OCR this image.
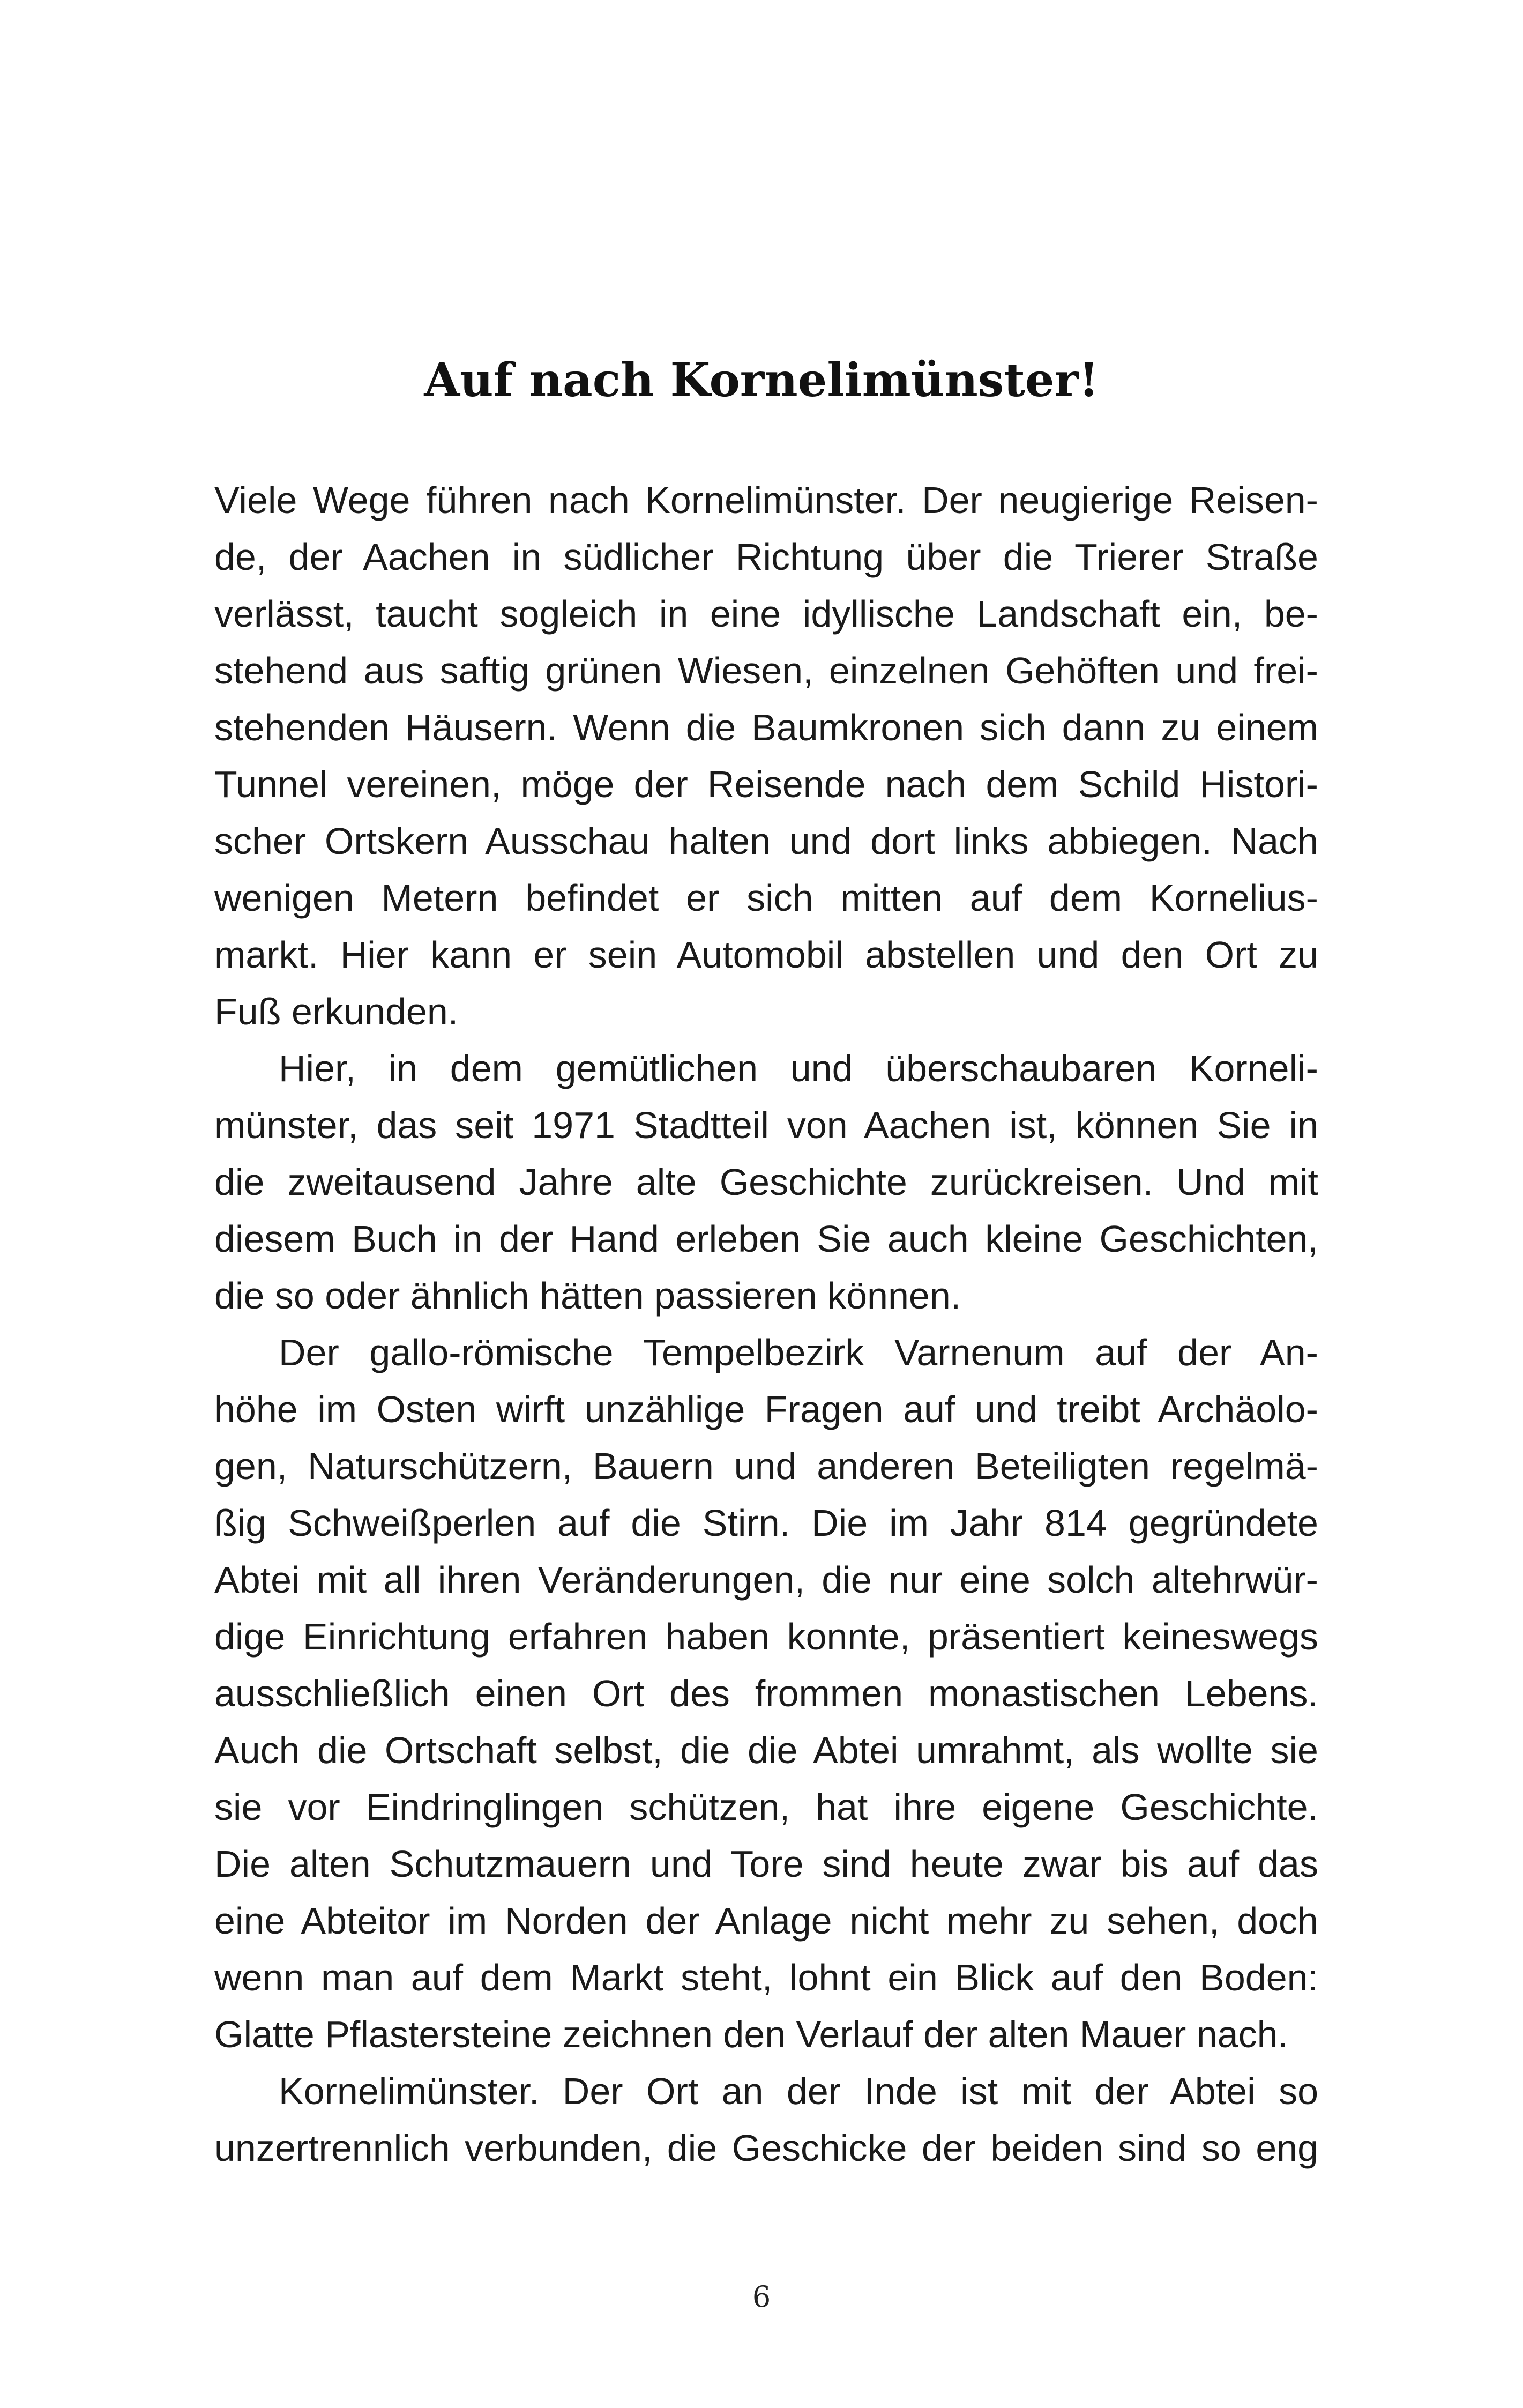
Auf nach Kornelimünster!

Viele Wege führen nach Kornelimünster. Der neugierige Reisen-
de, der Aachen in südlicher Richtung über die Trierer Straße
verlässt, taucht sogleich in eine idyllische Landschaft ein, be-
stehend aus saftig grünen Wiesen, einzelnen Gehöften und frei-
stehenden Häusern. Wenn die Baumkronen sich dann zu einem
Tunnel vereinen, möge der Reisende nach dem Schild Histori-
scher Ortskern Ausschau halten und dort links abbiegen. Nach
wenigen Metern befindet er sich mitten auf dem Kornelius-
markt. Hier kann er sein Automobil abstellen und den Ort zu
Fuß erkunden.

Hier, in dem gemütlichen und überschaubaren Korneli-
münster, das seit 1971 Stadtteil von Aachen ist, können Sie in
die zweitausend Jahre alte Geschichte zurückreisen. Und mit
diesem Buch in der Hand erleben Sie auch kleine Geschichten,
die so oder ähnlich hätten passieren können.

Der gallo-römische Tempelbezirk Varnenum auf der An-
höhe im Osten wirft unzählige Fragen auf und treibt Archäolo-
gen, Naturschützern, Bauern und anderen Beteiligten regelmä-
ßig Schweißperlen auf die Stirn. Die im Jahr 814 gegründete
Abtei mit all ihren Veränderungen, die nur eine solch altehrwür-
dige Einrichtung erfahren haben konnte, präsentiert keineswegs
ausschließlich einen Ort des frommen monastischen Lebens.
Auch die Ortschaft selbst, die die Abtei umrahmt, als wollte sie
sie vor Eindringlingen schützen, hat ihre eigene Geschichte.
Die alten Schutzmauern und Tore sind heute zwar bis auf das
eine Abteitor im Norden der Anlage nicht mehr zu sehen, doch
wenn man auf dem Markt steht, lohnt ein Blick auf den Boden:
Glatte Pflastersteine zeichnen den Verlauf der alten Mauer nach.

Kornelimünster. Der Ort an der Inde ist mit der Abtei so
unzertrennlich verbunden, die Geschicke der beiden sind so eng

6
